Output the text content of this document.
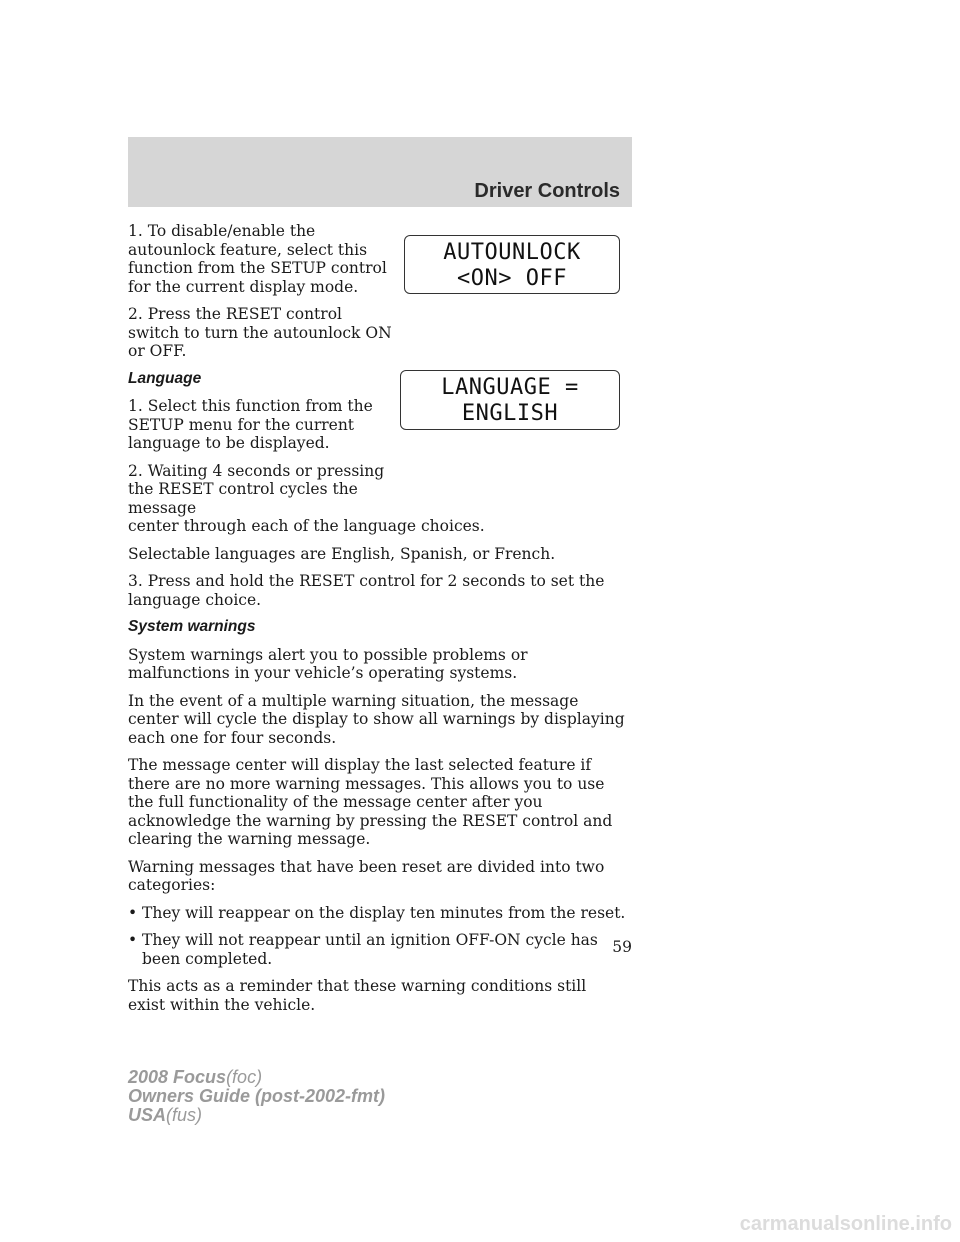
Driver Controls
AUTOUNLOCK
<ON> OFF
LANGUAGE =
ENGLISH

1. To disable/enable the autounlock feature, select this function from the SETUP control for the current display mode.

2. Press the RESET control switch to turn the autounlock ON or OFF.

Language

1. Select this function from the SETUP menu for the current language to be displayed.

2. Waiting 4 seconds or pressing the RESET control cycles the message
center through each of the language choices.

Selectable languages are English, Spanish, or French.

3. Press and hold the RESET control for 2 seconds to set the language choice.

System warnings

System warnings alert you to possible problems or malfunctions in your vehicle’s operating systems.

In the event of a multiple warning situation, the message center will cycle the display to show all warnings by displaying each one for four seconds.

The message center will display the last selected feature if there are no more warning messages. This allows you to use the full functionality of the message center after you acknowledge the warning by pressing the RESET control and clearing the warning message.

Warning messages that have been reset are divided into two categories:

• They will reappear on the display ten minutes from the reset.
• They will not reappear until an ignition OFF-ON cycle has been completed.

This acts as a reminder that these warning conditions still exist within the vehicle.

59
2008 Focus(foc)
Owners Guide (post-2002-fmt)
USA(fus)
carmanualsonline.info
